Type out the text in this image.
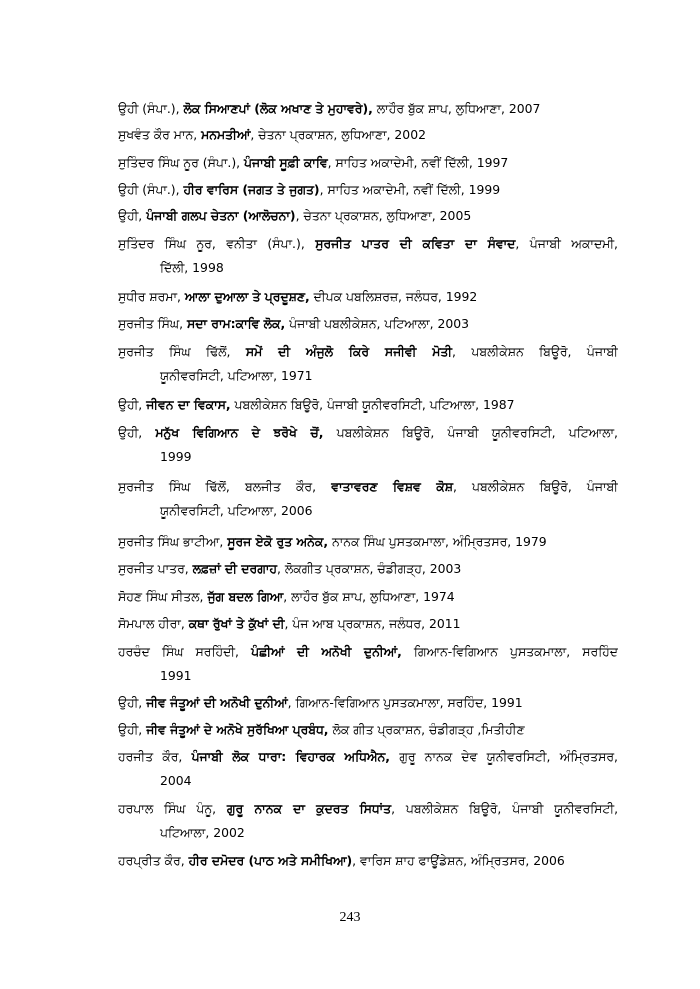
ਉਹੀ (ਸੰਪਾ.), ਲੋਕ ਸਿਆਣਪਾਂ (ਲੋਕ ਅਖਾਣ ਤੇ ਮੁਹਾਵਰੇ), ਲਾਹੌਰ ਬੁੱਕ ਸ਼ਾਪ, ਲੁਧਿਆਣਾ, 2007
ਸੁਖਵੰਤ ਕੌਰ ਮਾਨ, ਮਨਮਤੀਆਂ, ਚੇਤਨਾ ਪ੍ਰਕਾਸ਼ਨ, ਲੁਧਿਆਣਾ, 2002
ਸੁਤਿੰਦਰ ਸਿੰਘ ਨੂਰ (ਸੰਪਾ.), ਪੰਜਾਬੀ ਸੂਫ਼ੀ ਕਾਵਿ, ਸਾਹਿਤ ਅਕਾਦੇਮੀ, ਨਵੀਂ ਦਿੱਲੀ, 1997
ਉਹੀ (ਸੰਪਾ.), ਹੀਰ ਵਾਰਿਸ (ਜਗਤ ਤੇ ਜੁਗਤ), ਸਾਹਿਤ ਅਕਾਦੇਮੀ, ਨਵੀਂ ਦਿੱਲੀ, 1999
ਉਹੀ, ਪੰਜਾਬੀ ਗਲਪ ਚੇਤਨਾ (ਆਲੋਚਨਾ), ਚੇਤਨਾ ਪ੍ਰਕਾਸ਼ਨ, ਲੁਧਿਆਣਾ, 2005
ਸੁਤਿੰਦਰ ਸਿੰਘ ਨੂਰ, ਵਨੀਤਾ (ਸੰਪਾ.), ਸੁਰਜੀਤ ਪਾਤਰ ਦੀ ਕਵਿਤਾ ਦਾ ਸੰਵਾਦ, ਪੰਜਾਬੀ ਅਕਾਦਮੀ,
ਦਿੱਲੀ, 1998
ਸੁਧੀਰ ਸ਼ਰਮਾ, ਆਲਾ ਦੁਆਲਾ ਤੇ ਪ੍ਰਦੂਸ਼ਣ, ਦੀਪਕ ਪਬਲਿਸ਼ਰਜ਼, ਜਲੰਧਰ, 1992
ਸੁਰਜੀਤ ਸਿੰਘ, ਸਦਾ ਰਾਮ:ਕਾਵਿ ਲੋਕ, ਪੰਜਾਬੀ ਪਬਲੀਕੇਸ਼ਨ, ਪਟਿਆਲਾ, 2003
ਸੁਰਜੀਤ ਸਿੰਘ ਢਿੱਲੋਂ, ਸਮੇਂ ਦੀ ਅੰਜੁਲੋ ਕਿਰੇ ਸਜੀਵੀ ਮੋਤੀ, ਪਬਲੀਕੇਸ਼ਨ ਬਿਊਰੋ, ਪੰਜਾਬੀ
ਯੂਨੀਵਰਸਿਟੀ, ਪਟਿਆਲਾ, 1971
ਉਹੀ, ਜੀਵਨ ਦਾ ਵਿਕਾਸ, ਪਬਲੀਕੇਸ਼ਨ ਬਿਊਰੋ, ਪੰਜਾਬੀ ਯੂਨੀਵਰਸਿਟੀ, ਪਟਿਆਲਾ, 1987
ਉਹੀ, ਮਨੁੱਖ ਵਿਗਿਆਨ ਦੇ ਝਰੋਖੇ ਚੋਂ, ਪਬਲੀਕੇਸ਼ਨ ਬਿਊਰੋ, ਪੰਜਾਬੀ ਯੂਨੀਵਰਸਿਟੀ, ਪਟਿਆਲਾ,
1999
ਸੁਰਜੀਤ ਸਿੰਘ ਢਿੱਲੋਂ, ਬਲਜੀਤ ਕੌਰ, ਵਾਤਾਵਰਣ ਵਿਸ਼ਵ ਕੋਸ਼, ਪਬਲੀਕੇਸ਼ਨ ਬਿਊਰੋ, ਪੰਜਾਬੀ
ਯੂਨੀਵਰਸਿਟੀ, ਪਟਿਆਲਾ, 2006
ਸੁਰਜੀਤ ਸਿੰਘ ਭਾਟੀਆ, ਸੂਰਜ ਏਕੋ ਰੁਤ ਅਨੇਕ, ਨਾਨਕ ਸਿੰਘ ਪੁਸਤਕਮਾਲਾ, ਅੰਮ੍ਰਿਤਸਰ, 1979
ਸੁਰਜੀਤ ਪਾਤਰ, ਲਫ਼ਜ਼ਾਂ ਦੀ ਦਰਗਾਹ, ਲੋਕਗੀਤ ਪ੍ਰਕਾਸ਼ਨ, ਚੰਡੀਗੜ੍ਹ, 2003
ਸੋਹਣ ਸਿੰਘ ਸੀਤਲ, ਜੁੱਗ ਬਦਲ ਗਿਆ, ਲਾਹੌਰ ਬੁੱਕ ਸ਼ਾਪ, ਲੁਧਿਆਣਾ, 1974
ਸੋਮਪਾਲ ਹੀਰਾ, ਕਥਾ ਰੁੱਖਾਂ ਤੇ ਕੁੱਖਾਂ ਦੀ, ਪੰਜ ਆਬ ਪ੍ਰਕਾਸ਼ਨ, ਜਲੰਧਰ, 2011
ਹਰਚੰਦ ਸਿੰਘ ਸਰਹਿੰਦੀ, ਪੰਛੀਆਂ ਦੀ ਅਨੋਖੀ ਦੁਨੀਆਂ, ਗਿਆਨ-ਵਿਗਿਆਨ ਪੁਸਤਕਮਾਲਾ, ਸਰਹਿੰਦ
1991
ਉਹੀ, ਜੀਵ ਜੰਤੂਆਂ ਦੀ ਅਨੋਖੀ ਦੁਨੀਆਂ, ਗਿਆਨ-ਵਿਗਿਆਨ ਪੁਸਤਕਮਾਲਾ, ਸਰਹਿੰਦ, 1991
ਉਹੀ, ਜੀਵ ਜੰਤੂਆਂ ਦੇ ਅਨੋਖੇ ਸੁਰੱਖਿਆ ਪ੍ਰਬੰਧ, ਲੋਕ ਗੀਤ ਪ੍ਰਕਾਸ਼ਨ, ਚੰਡੀਗੜ੍ਹ ,ਮਿਤੀਹੀਣ
ਹਰਜੀਤ ਕੌਰ, ਪੰਜਾਬੀ ਲੋਕ ਧਾਰਾ: ਵਿਹਾਰਕ ਅਧਿਐਨ, ਗੁਰੂ ਨਾਨਕ ਦੇਵ ਯੂਨੀਵਰਸਿਟੀ, ਅੰਮ੍ਰਿਤਸਰ,
2004
ਹਰਪਾਲ ਸਿੰਘ ਪੰਨੂ, ਗੁਰੂ ਨਾਨਕ ਦਾ ਕੁਦਰਤ ਸਿਧਾਂਤ, ਪਬਲੀਕੇਸ਼ਨ ਬਿਊਰੋ, ਪੰਜਾਬੀ ਯੂਨੀਵਰਸਿਟੀ,
ਪਟਿਆਲਾ, 2002
ਹਰਪ੍ਰੀਤ ਕੌਰ, ਹੀਰ ਦਮੋਦਰ (ਪਾਠ ਅਤੇ ਸਮੀਖਿਆ), ਵਾਰਿਸ ਸ਼ਾਹ ਫਾਊਂਡੇਸ਼ਨ, ਅੰਮ੍ਰਿਤਸਰ, 2006
243
